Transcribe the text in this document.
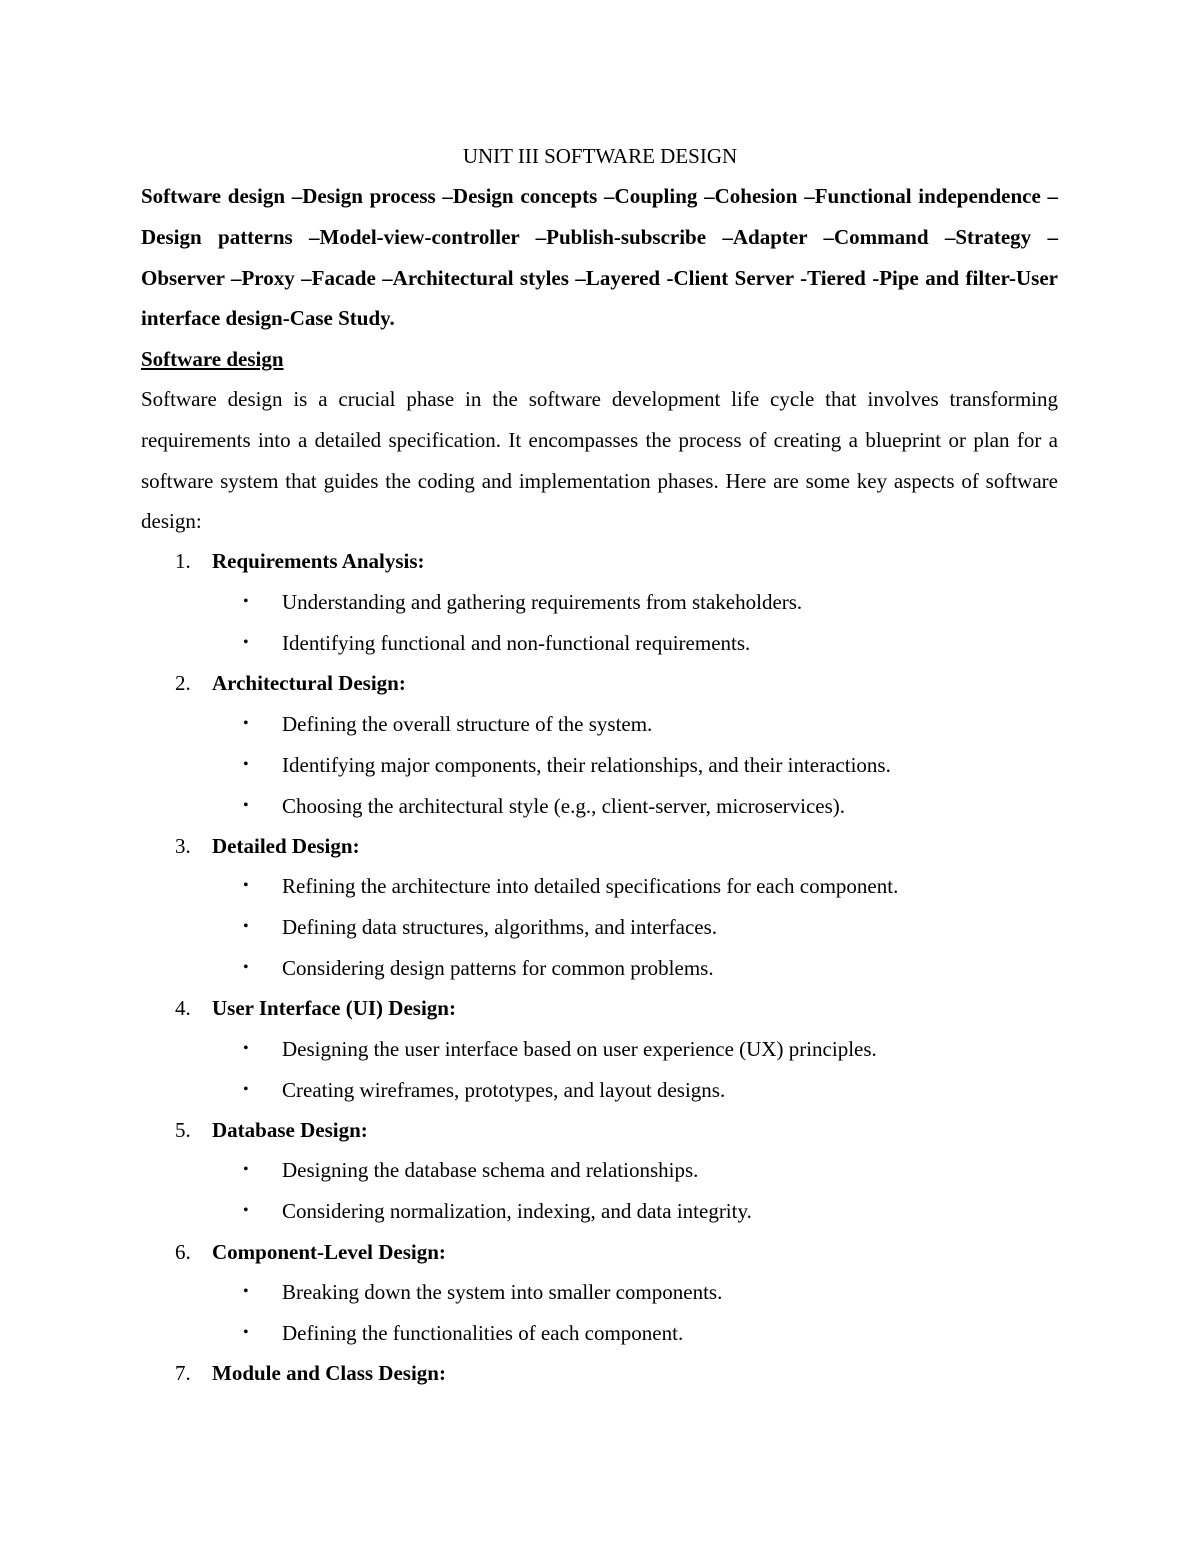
UNIT III SOFTWARE DESIGN
Software design –Design process –Design concepts –Coupling –Cohesion –Functional independence –Design patterns –Model-view-controller –Publish-subscribe –Adapter –Command –Strategy –Observer –Proxy –Facade –Architectural styles –Layered -Client Server -Tiered -Pipe and filter-User interface design-Case Study.
Software design
Software design is a crucial phase in the software development life cycle that involves transforming requirements into a detailed specification. It encompasses the process of creating a blueprint or plan for a software system that guides the coding and implementation phases. Here are some key aspects of software design:
1. Requirements Analysis:
• Understanding and gathering requirements from stakeholders.
• Identifying functional and non-functional requirements.
2. Architectural Design:
• Defining the overall structure of the system.
• Identifying major components, their relationships, and their interactions.
• Choosing the architectural style (e.g., client-server, microservices).
3. Detailed Design:
• Refining the architecture into detailed specifications for each component.
• Defining data structures, algorithms, and interfaces.
• Considering design patterns for common problems.
4. User Interface (UI) Design:
• Designing the user interface based on user experience (UX) principles.
• Creating wireframes, prototypes, and layout designs.
5. Database Design:
• Designing the database schema and relationships.
• Considering normalization, indexing, and data integrity.
6. Component-Level Design:
• Breaking down the system into smaller components.
• Defining the functionalities of each component.
7. Module and Class Design:
